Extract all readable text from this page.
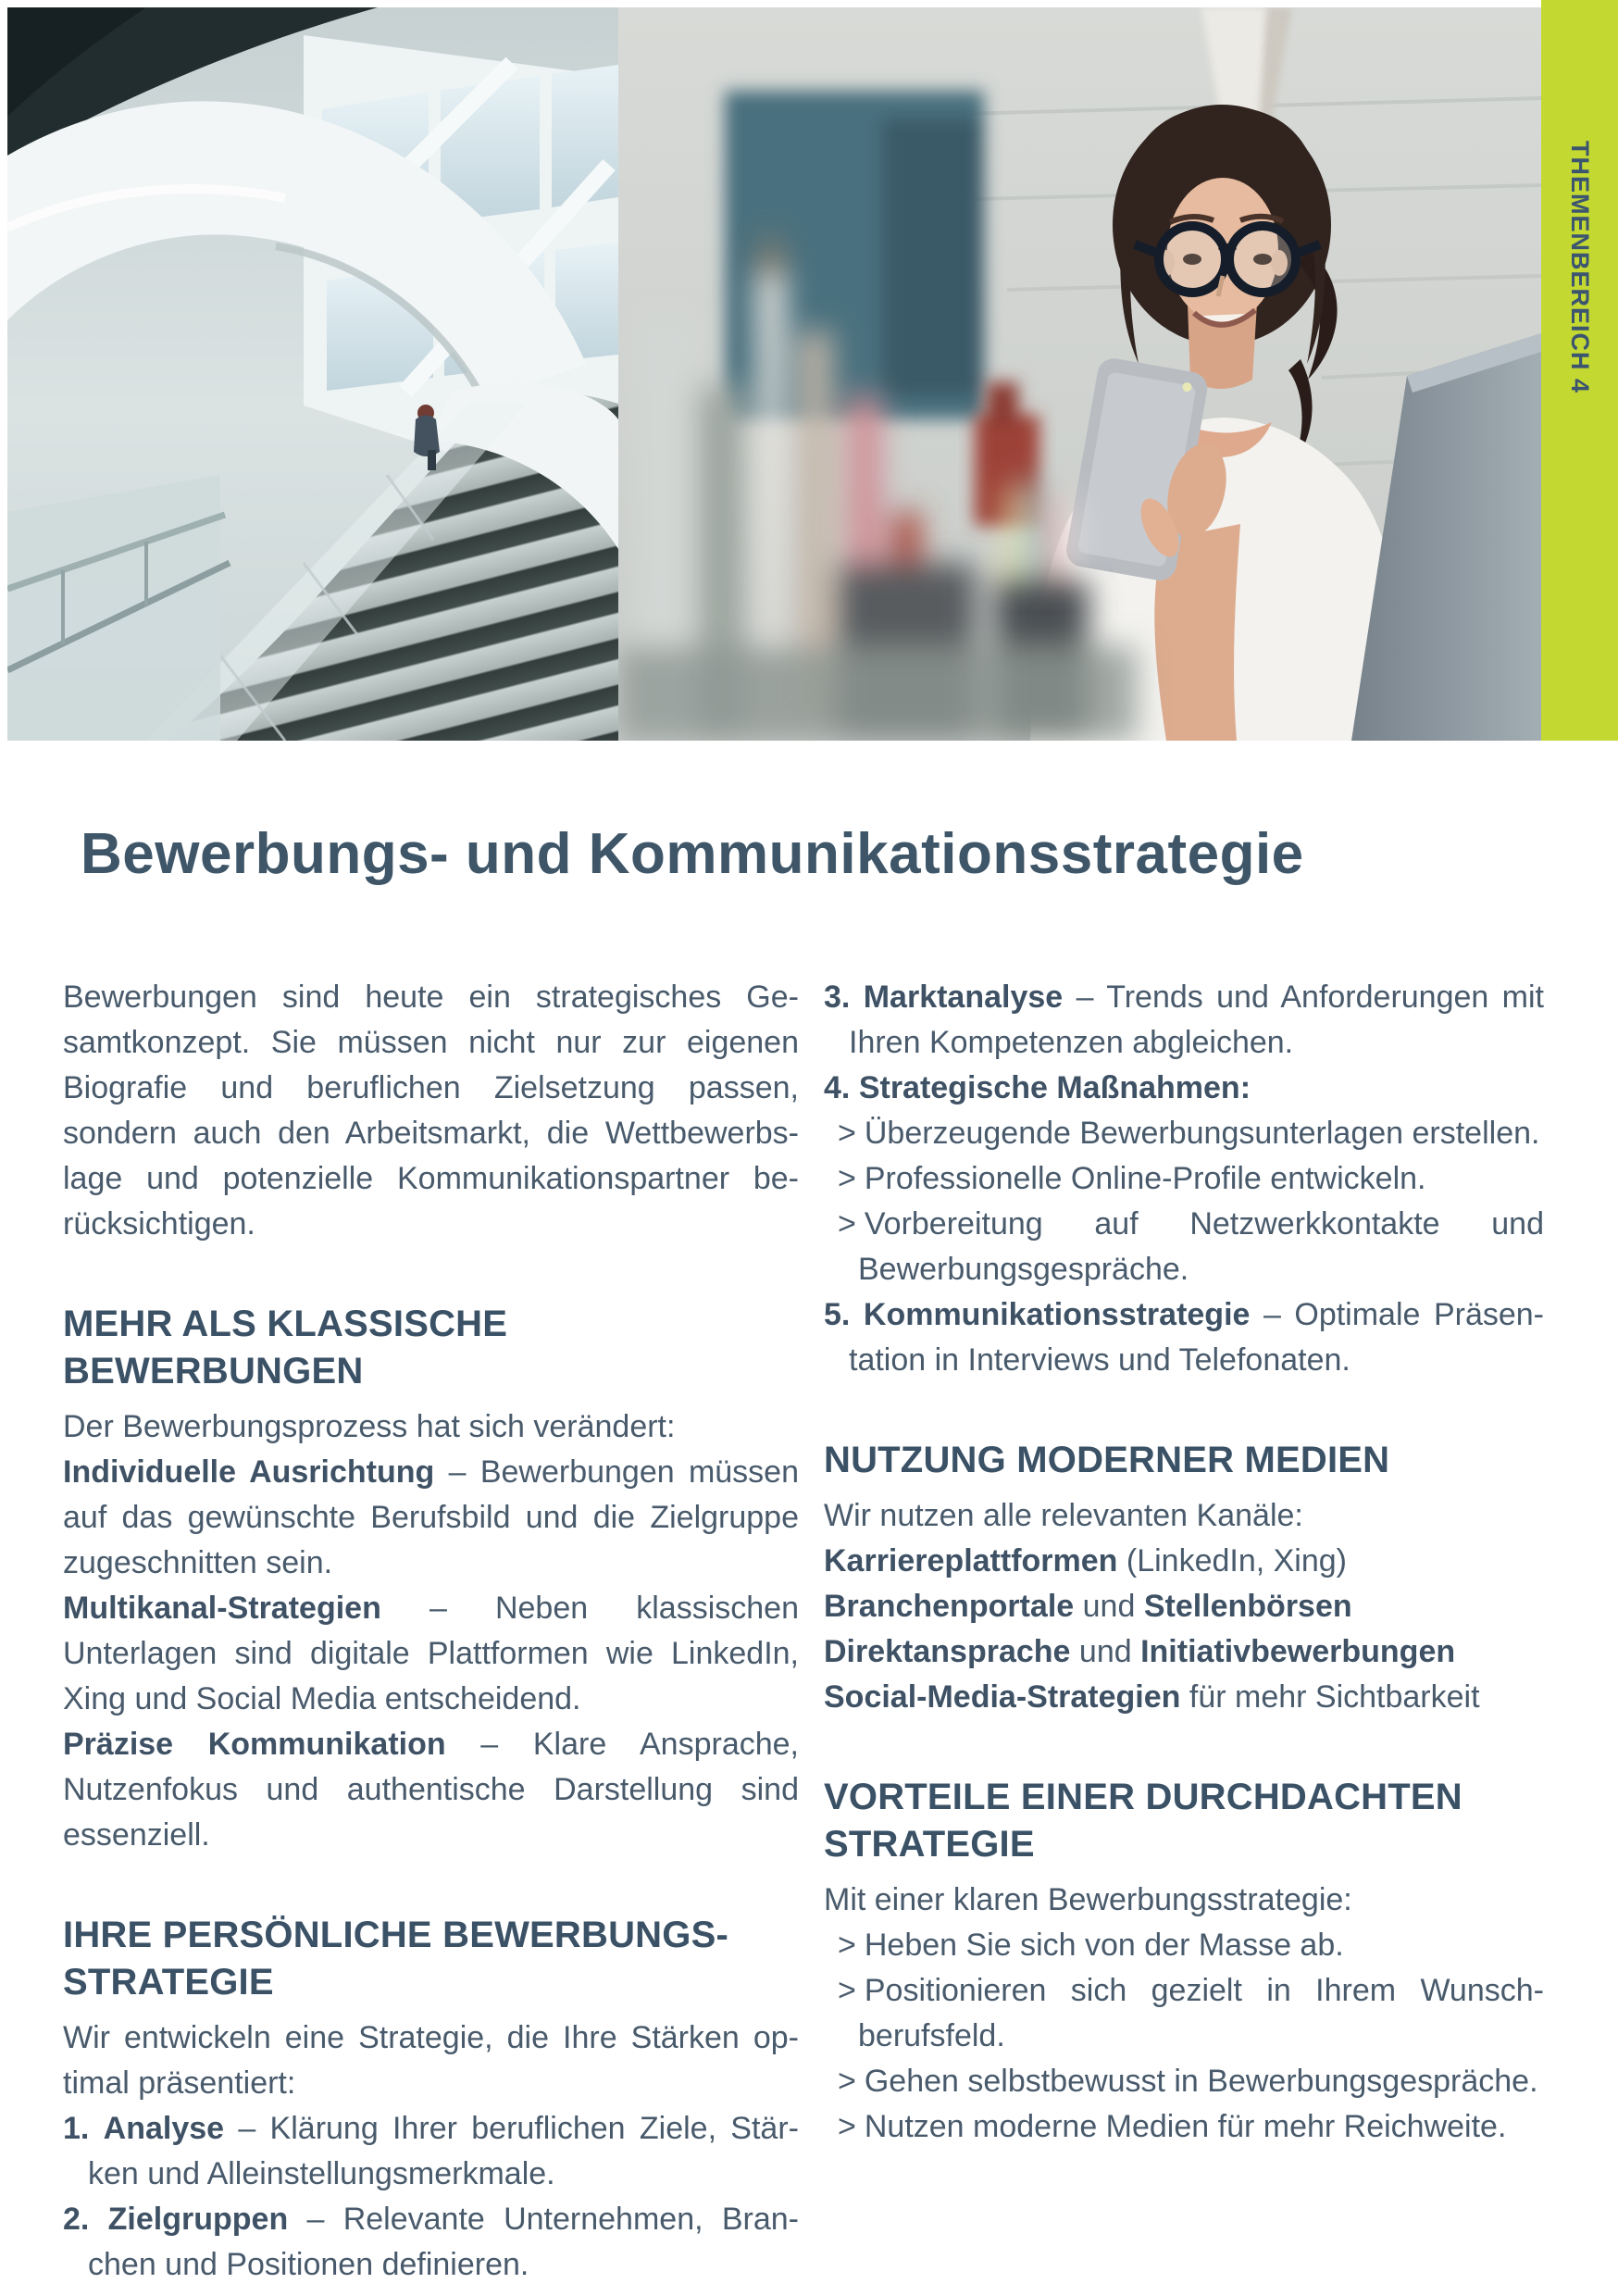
THEMENBEREICH 4
Bewerbungs- und Kommunikationsstrategie

Bewerbungen sind heute ein strategisches Gesamtkonzept. Sie müssen nicht nur zur eigenen Biografie und beruflichen Zielsetzung passen, sondern auch den Arbeitsmarkt, die Wettbewerbslage und potenzielle Kommunikationspartner berücksichtigen.

MEHR ALS KLASSISCHE BEWERBUNGEN

Der Bewerbungsprozess hat sich verändert:

Individuelle Ausrichtung – Bewerbungen müssen auf das gewünschte Berufsbild und die Zielgruppe zugeschnitten sein.

Multikanal-Strategien – Neben klassischen Unterlagen sind digitale Plattformen wie LinkedIn, Xing und Social Media entscheidend.

Präzise Kommunikation – Klare Ansprache, Nutzenfokus und authentische Darstellung sind essenziell.

IHRE PERSÖNLICHE BEWERBUNGS-STRATEGIE

Wir entwickeln eine Strategie, die Ihre Stärken optimal präsentiert:

1. Analyse – Klärung Ihrer beruflichen Ziele, Stärken und Alleinstellungsmerkmale.

2. Zielgruppen – Relevante Unternehmen, Branchen und Positionen definieren.

3. Marktanalyse – Trends und Anforderungen mit Ihren Kompetenzen abgleichen.

4. Strategische Maßnahmen:

> Überzeugende Bewerbungsunterlagen erstellen.

> Professionelle Online-Profile entwickeln.

> Vorbereitung auf Netzwerkkontakte und Bewerbungsgespräche.

5. Kommunikationsstrategie – Optimale Präsentation in Interviews und Telefonaten.

NUTZUNG MODERNER MEDIEN

Wir nutzen alle relevanten Kanäle:

Karriereplattformen (LinkedIn, Xing)

Branchenportale und Stellenbörsen

Direktansprache und Initiativbewerbungen

Social-Media-Strategien für mehr Sichtbarkeit

VORTEILE EINER DURCHDACHTEN STRATEGIE

Mit einer klaren Bewerbungsstrategie:

> Heben Sie sich von der Masse ab.

> Positionieren sich gezielt in Ihrem Wunschberufsfeld.

> Gehen selbstbewusst in Bewerbungsgespräche.

> Nutzen moderne Medien für mehr Reichweite.
